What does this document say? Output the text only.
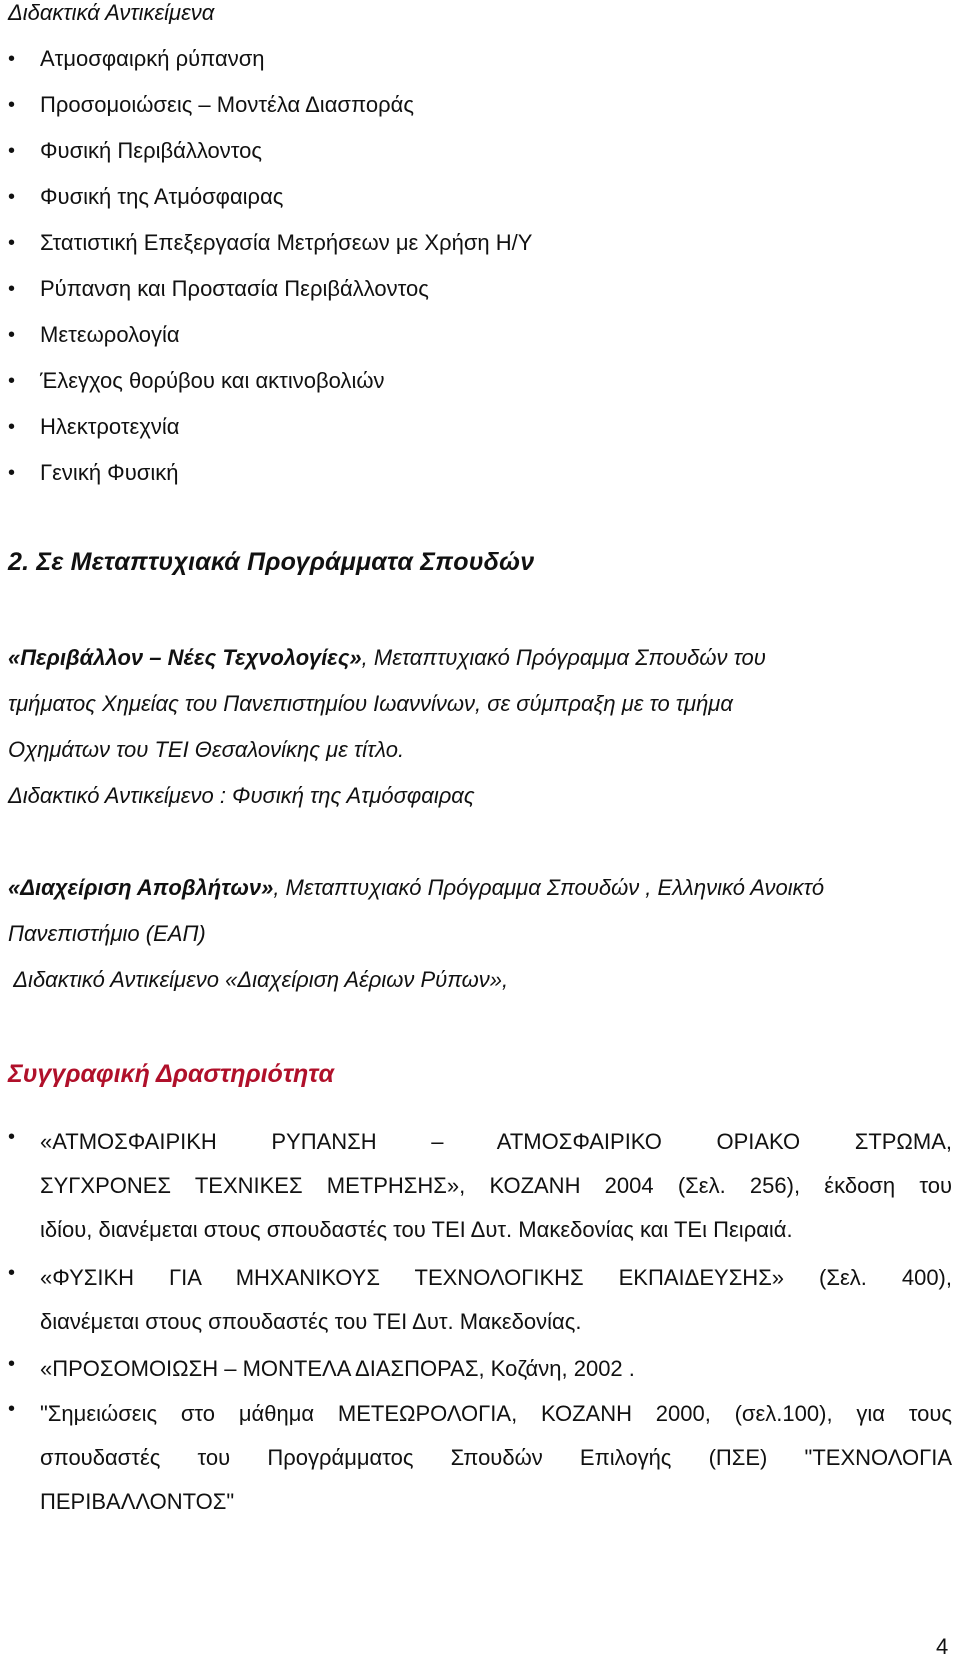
Διδακτικά Αντικείμενα
•	Ατμοσφαιρκή ρύπανση
•	Προσομοιώσεις – Μοντέλα Διασποράς
•	Φυσική Περιβάλλοντος
•	Φυσική της Ατμόσφαιρας
•	Στατιστική Επεξεργασία Μετρήσεων με Χρήση Η/Υ
•	Ρύπανση και Προστασία Περιβάλλοντος
•	Μετεωρολογία
•	Έλεγχος θορύβου και ακτινοβολιών
•	Ηλεκτροτεχνία
•	Γενική Φυσική
2. Σε Μεταπτυχιακά Προγράμματα Σπουδών
«Περιβάλλον – Νέες Τεχνολογίες», Μεταπτυχιακό Πρόγραμμα Σπουδών του
τμήματος Χημείας του Πανεπιστημίου Ιωαννίνων, σε σύμπραξη με το τμήμα
Οχημάτων του ΤΕΙ Θεσαλονίκης με τίτλο.
Διδακτικό Αντικείμενο : Φυσική της Ατμόσφαιρας
«Διαχείριση Αποβλήτων», Μεταπτυχιακό Πρόγραμμα Σπουδών , Ελληνικό Ανοικτό
Πανεπιστήμιο (ΕΑΠ)
Διδακτικό Αντικείμενο «Διαχείριση Αέριων Ρύπων»,
Συγγραφική Δραστηριότητα
• «ΑΤΜΟΣΦΑΙΡΙΚΗ ΡΥΠΑΝΣΗ – ΑΤΜΟΣΦΑΙΡΙΚΟ ΟΡΙΑΚΟ ΣΤΡΩΜΑ,
ΣΥΓΧΡΟΝΕΣ ΤΕΧΝΙΚΕΣ ΜΕΤΡΗΣΗΣ», ΚΟΖΑΝΗ 2004 (Σελ. 256), έκδοση του
ιδίου, διανέμεται στους σπουδαστές του ΤΕΙ Δυτ. Μακεδονίας και ΤΕι Πειραιά.
• «ΦΥΣΙΚΗ ΓΙΑ ΜΗΧΑΝΙΚΟΥΣ ΤΕΧΝΟΛΟΓΙΚΗΣ ΕΚΠΑΙΔΕΥΣΗΣ» (Σελ. 400),
διανέμεται στους σπουδαστές του ΤΕΙ Δυτ. Μακεδονίας.
• «ΠΡΟΣΟΜΟΙΩΣΗ – ΜΟΝΤΕΛΑ ΔΙΑΣΠΟΡΑΣ, Κοζάνη, 2002 .
• "Σημειώσεις στο μάθημα ΜΕΤΕΩΡΟΛΟΓΙΑ, ΚΟΖΑΝΗ 2000, (σελ.100), για τους
σπουδαστές του Προγράμματος Σπουδών Επιλογής (ΠΣΕ) "ΤΕΧΝΟΛΟΓΙΑ
ΠΕΡΙΒΑΛΛΟΝΤΟΣ"
4
